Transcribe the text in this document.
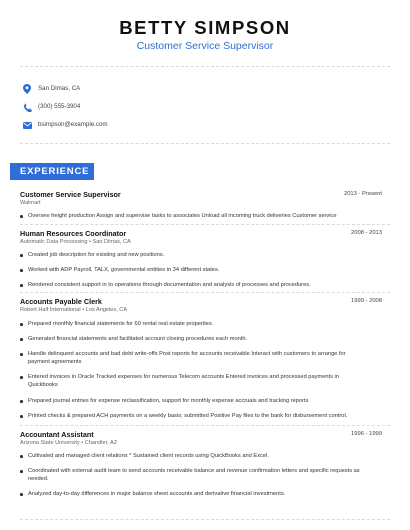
BETTY SIMPSON
Customer Service Supervisor
San Dimas, CA
(300) 555-3904
bsimpson@example.com
EXPERIENCE
Customer Service Supervisor	2013 - Present
Walmart
Oversee freight production Assign and supervise tasks to associates Unload all incoming truck deliveries Customer service
Human Resources Coordinator	2008 - 2013
Automatic Data Processing • San Dimas, CA
Created job description for existing and new positions.
Worked with ADP Payroll, TALX, governmental entities in 34 different states.
Rendered consistent support in to operations through documentation and analysis of processes and procedures.
Accounts Payable Clerk	1999 - 2008
Robert Half International • Los Angeles, CA
Prepared monthly financial statements for 60 rental real estate properties.
Generated financial statements and facilitated account closing procedures each month.
Handle delinquent accounts and bad debt write-offs Post reports for accounts receivable Interact with customers to arrange for payment agreements
Entered invoices in Oracle Tracked expenses for numerous Telecom accounts Entered invoices and processed payments in Quickbooks
Prepared journal entries for expense reclassification, support for monthly expense accruals and tracking reports
Printed checks & prepared ACH payments on a weekly basis; submitted Positive Pay files to the bank for disbursement control.
Accountant Assistant	1996 - 1999
Arizona State University • Chandler, AZ
Cultivated and managed client relations * Sustained client records using QuickBooks and Excel.
Coordinated with external audit team to send accounts receivable balance and revenue confirmation letters and specific requests as needed.
Analyzed day-to-day differences in major balance sheet accounts and derivative financial investments.
